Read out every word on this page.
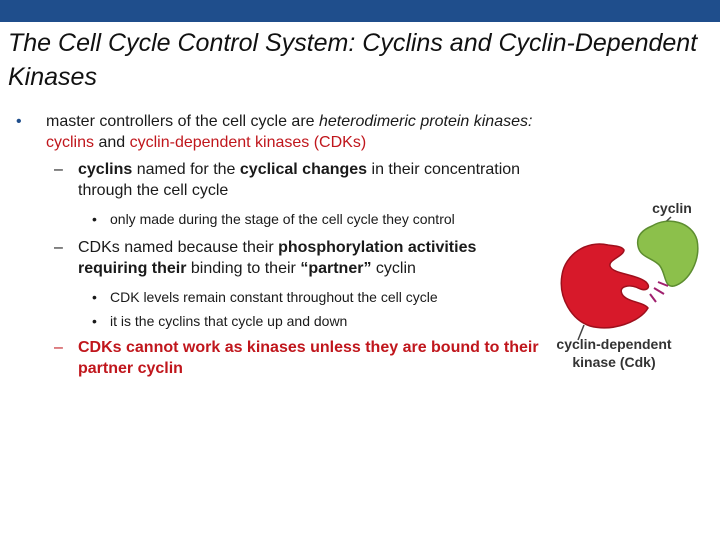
The Cell Cycle Control System: Cyclins and Cyclin-Dependent Kinases

• master controllers of the cell cycle are heterodimeric protein kinases: cyclins and cyclin-dependent kinases (CDKs)

– cyclins named for the cyclical changes in their concentration through the cell cycle

• only made during the stage of the cell cycle they control

– CDKs named because their phosphorylation activities requiring their binding to their “partner” cyclin

• CDK levels remain constant throughout the cell cycle

• it is the cyclins that cycle up and down

– CDKs cannot work as kinases unless they are bound to their partner cyclin

cyclin
cyclin-dependent
kinase (Cdk)
